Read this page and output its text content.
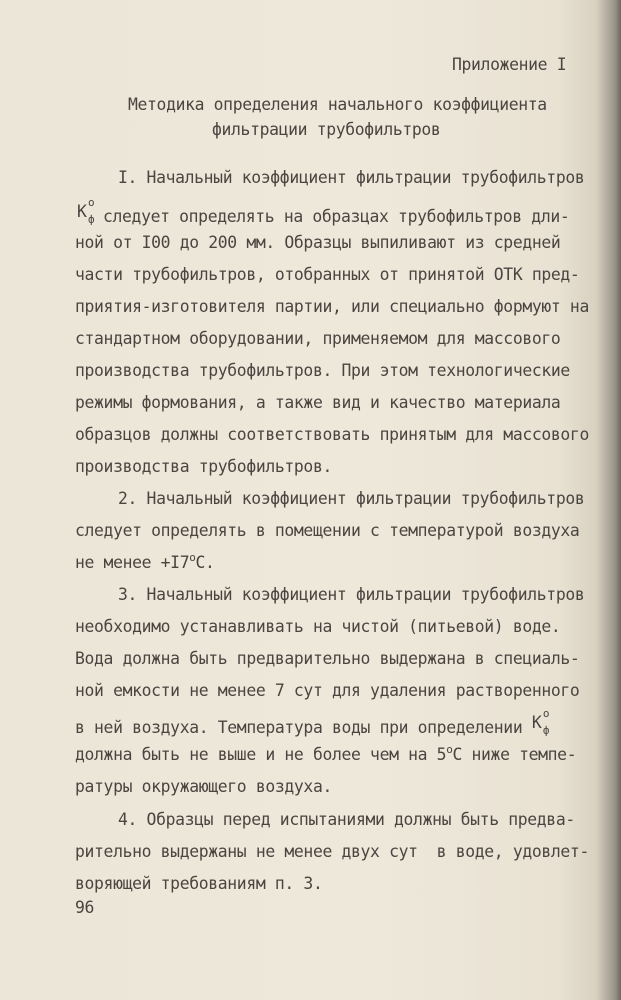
Приложение I
Методика определения начального коэффициента
фильтрации трубофильтров
I. Начальный коэффициент фильтрации трубофильтров
К о
ф следует определять на образцах трубофильтров дли-
ной от I00 до 200 мм. Образцы выпиливают из средней
части трубофильтров, отобранных от принятой ОТК пред-
приятия-изготовителя партии, или специально формуют на
стандартном оборудовании, применяемом для массового
производства трубофильтров. При этом технологические
режимы формования, а также вид и качество материала
образцов должны соответствовать принятым для массового
производства трубофильтров.
2. Начальный коэффициент фильтрации трубофильтров
следует определять в помещении с температурой воздуха
не менее $+I7^оС$.
3. Начальный коэффициент фильтрации трубофильтров
необходимо устанавливать на чистой (питьевой) воде.
Вода должна быть предварительно выдержана в специаль-
ной емкости не менее 7 сут для удаления растворенного
в ней воздуха. Температура воды при определении К о
ф
должна быть не выше и не более чем на $5^оС$ ниже темпе-
ратуры окружающего воздуха.
4. Образцы перед испытаниями должны быть предва-
рительно выдержаны не менее двух сут  в воде, удовлет-
воряющей требованиям п. 3.
96
